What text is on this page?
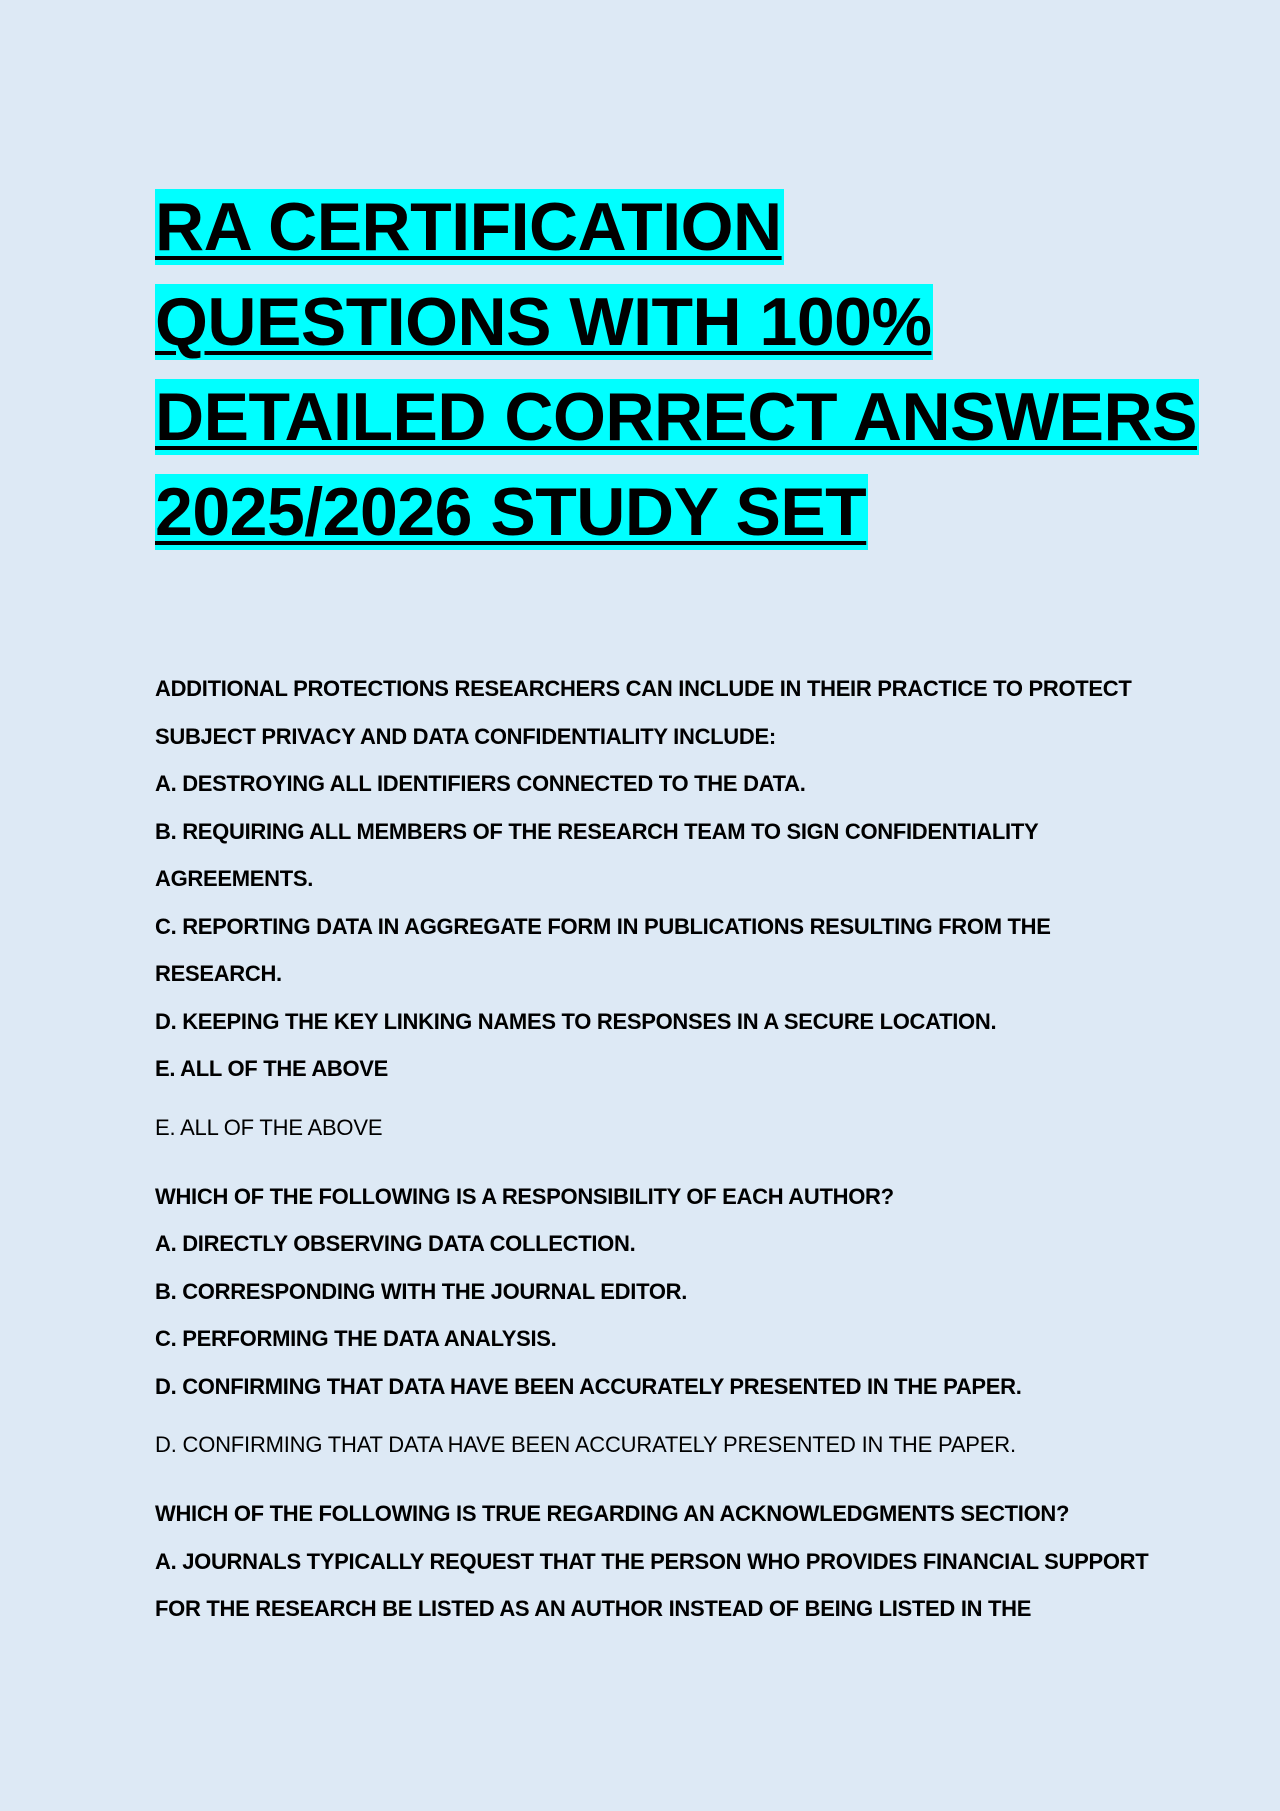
RA CERTIFICATION
QUESTIONS WITH 100%
DETAILED CORRECT ANSWERS
2025/2026 STUDY SET

ADDITIONAL PROTECTIONS RESEARCHERS CAN INCLUDE IN THEIR PRACTICE TO PROTECT

SUBJECT PRIVACY AND DATA CONFIDENTIALITY INCLUDE:

A. DESTROYING ALL IDENTIFIERS CONNECTED TO THE DATA.

B. REQUIRING ALL MEMBERS OF THE RESEARCH TEAM TO SIGN CONFIDENTIALITY

AGREEMENTS.

C. REPORTING DATA IN AGGREGATE FORM IN PUBLICATIONS RESULTING FROM THE

RESEARCH.

D. KEEPING THE KEY LINKING NAMES TO RESPONSES IN A SECURE LOCATION.

E. ALL OF THE ABOVE

E. ALL OF THE ABOVE

WHICH OF THE FOLLOWING IS A RESPONSIBILITY OF EACH AUTHOR?

A. DIRECTLY OBSERVING DATA COLLECTION.

B. CORRESPONDING WITH THE JOURNAL EDITOR.

C. PERFORMING THE DATA ANALYSIS.

D. CONFIRMING THAT DATA HAVE BEEN ACCURATELY PRESENTED IN THE PAPER.

D. CONFIRMING THAT DATA HAVE BEEN ACCURATELY PRESENTED IN THE PAPER.

WHICH OF THE FOLLOWING IS TRUE REGARDING AN ACKNOWLEDGMENTS SECTION?

A. JOURNALS TYPICALLY REQUEST THAT THE PERSON WHO PROVIDES FINANCIAL SUPPORT

FOR THE RESEARCH BE LISTED AS AN AUTHOR INSTEAD OF BEING LISTED IN THE
